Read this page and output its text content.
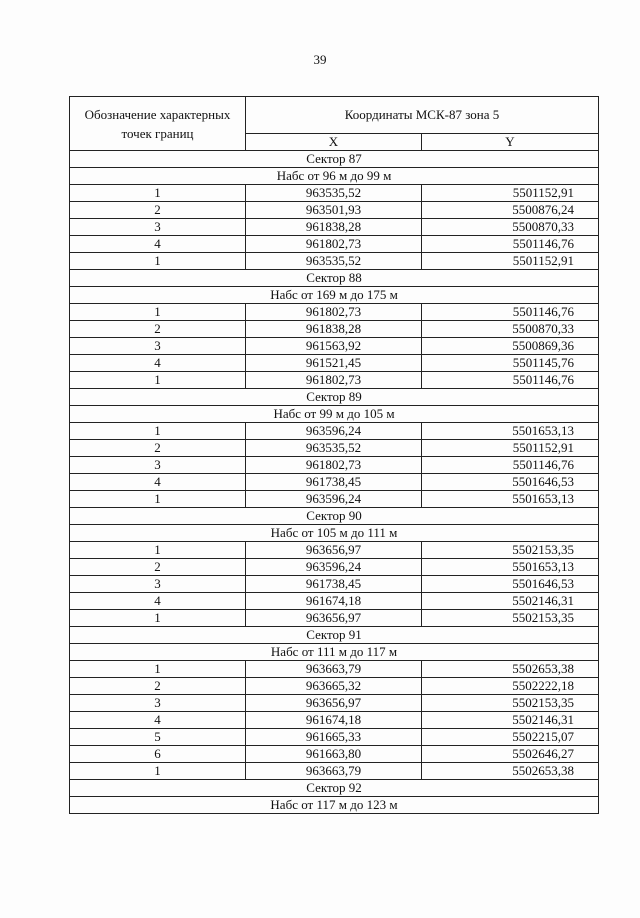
39
Обозначение характерных точек границ	Координаты МСК-87 зона 5	
	X	Y
Сектор 87		
Набс от 96 м до 99 м		
1	963535,52	5501152,91
2	963501,93	5500876,24
3	961838,28	5500870,33
4	961802,73	5501146,76
1	963535,52	5501152,91
Сектор 88		
Набс от 169 м до 175 м		
1	961802,73	5501146,76
2	961838,28	5500870,33
3	961563,92	5500869,36
4	961521,45	5501145,76
1	961802,73	5501146,76
Сектор 89		
Набс от 99 м до 105 м		
1	963596,24	5501653,13
2	963535,52	5501152,91
3	961802,73	5501146,76
4	961738,45	5501646,53
1	963596,24	5501653,13
Сектор 90		
Набс от 105 м до 111 м		
1	963656,97	5502153,35
2	963596,24	5501653,13
3	961738,45	5501646,53
4	961674,18	5502146,31
1	963656,97	5502153,35
Сектор 91		
Набс от 111 м до 117 м		
1	963663,79	5502653,38
2	963665,32	5502222,18
3	963656,97	5502153,35
4	961674,18	5502146,31
5	961665,33	5502215,07
6	961663,80	5502646,27
1	963663,79	5502653,38
Сектор 92		
Набс от 117 м до 123 м		
